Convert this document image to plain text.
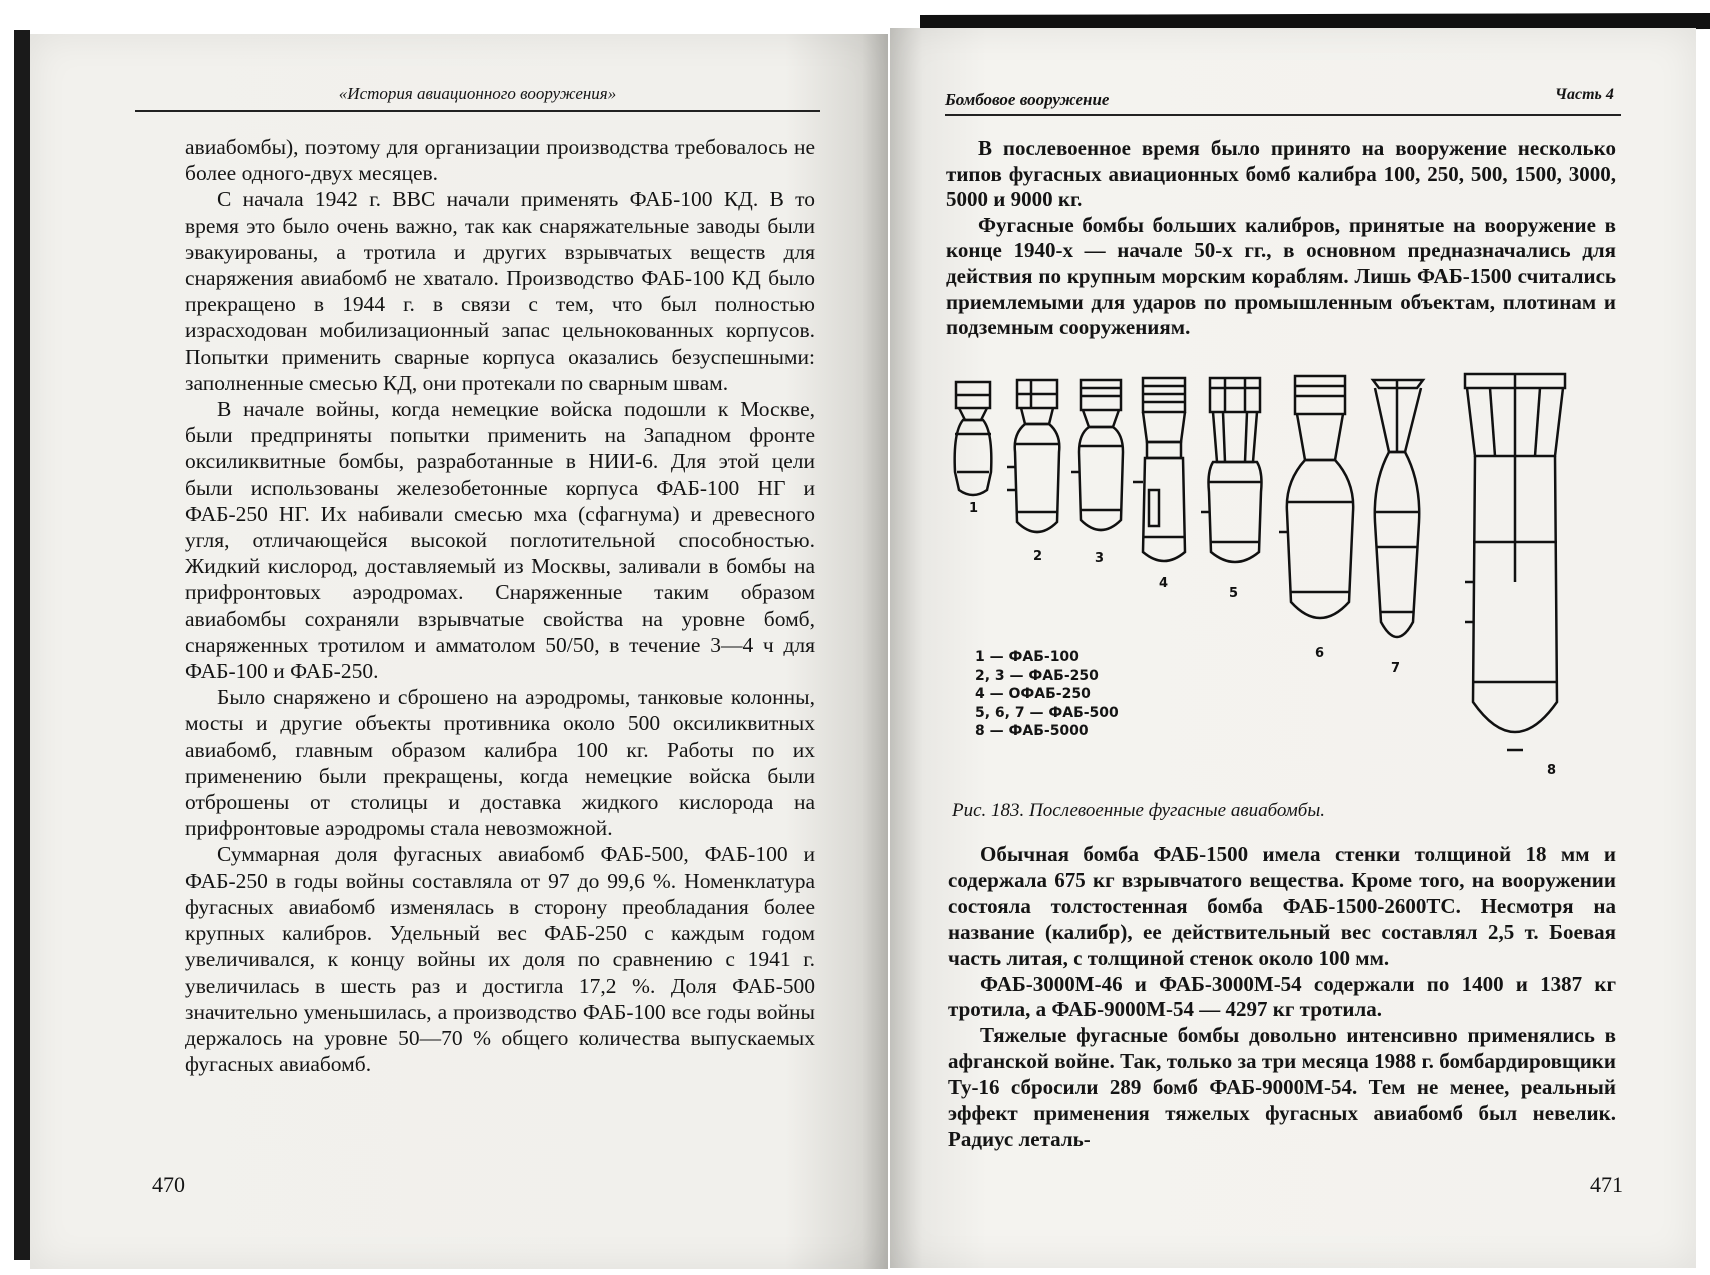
«История авиационного вооружения»

авиабомбы), поэтому для организации производства требовалось не более одного-двух месяцев.

С начала 1942 г. ВВС начали применять ФАБ-100 КД. В то время это было очень важно, так как снаряжательные заводы были эвакуированы, а тротила и других взрывчатых веществ для снаряжения авиабомб не хватало. Производство ФАБ-100 КД было прекращено в 1944 г. в связи с тем, что был полностью израсходован мобилизационный запас цельнокованных корпусов. Попытки применить сварные корпуса оказались безуспешными: заполненные смесью КД, они протекали по сварным швам.

В начале войны, когда немецкие войска подошли к Москве, были предприняты попытки применить на Западном фронте оксиликвитные бомбы, разработанные в НИИ-6. Для этой цели были использованы железобетонные корпуса ФАБ-100 НГ и ФАБ-250 НГ. Их набивали смесью мха (сфагнума) и древесного угля, отличающейся высокой поглотительной способностью. Жидкий кислород, доставляемый из Москвы, заливали в бомбы на прифронтовых аэродромах. Снаряженные таким образом авиабомбы сохраняли взрывчатые свойства на уровне бомб, снаряженных тротилом и амматолом 50/50, в течение 3—4 ч для ФАБ-100 и ФАБ-250.

Было снаряжено и сброшено на аэродромы, танковые колонны, мосты и другие объекты противника около 500 оксиликвитных авиабомб, главным образом калибра 100 кг. Работы по их применению были прекращены, когда немецкие войска были отброшены от столицы и доставка жидкого кислорода на прифронтовые аэродромы стала невозможной.

Суммарная доля фугасных авиабомб ФАБ-500, ФАБ-100 и ФАБ-250 в годы войны составляла от 97 до 99,6 %. Номенклатура фугасных авиабомб изменялась в сторону преобладания более крупных калибров. Удельный вес ФАБ-250 с каждым годом увеличивался, к концу войны их доля по сравнению с 1941 г. увеличилась в шесть раз и достигла 17,2 %. Доля ФАБ-500 значительно уменьшилась, а производство ФАБ-100 все годы войны держалось на уровне 50—70 % общего количества выпускаемых фугасных авиабомб.

470
Бомбовое вооружение	Часть 4

В послевоенное время было принято на вооружение несколько типов фугасных авиационных бомб калибра 100, 250, 500, 1500, 3000, 5000 и 9000 кг.

Фугасные бомбы больших калибров, принятые на вооружение в конце 1940-х — начале 50-х гг., в основном предназначались для действия по крупным морским кораблям. Лишь ФАБ-1500 считались приемлемыми для ударов по промышленным объектам, плотинам и подземным сооружениям.

1
2	3
4
5
6
7
8
1 — ФАБ-100
2, 3 — ФАБ-250
4 — ОФАБ-250
5, 6, 7 — ФАБ-500
8 — ФАБ-5000
Рис. 183. Послевоенные фугасные авиабомбы.

Обычная бомба ФАБ-1500 имела стенки толщиной 18 мм и содержала 675 кг взрывчатого вещества. Кроме того, на вооружении состояла толстостенная бомба ФАБ-1500-2600ТС. Несмотря на название (калибр), ее действительный вес составлял 2,5 т. Боевая часть литая, с толщиной стенок около 100 мм.

ФАБ-3000М-46 и ФАБ-3000М-54 содержали по 1400 и 1387 кг тротила, а ФАБ-9000М-54 — 4297 кг тротила.

Тяжелые фугасные бомбы довольно интенсивно применялись в афганской войне. Так, только за три месяца 1988 г. бомбардировщики Ту-16 сбросили 289 бомб ФАБ-9000М-54. Тем не менее, реальный эффект применения тяжелых фугасных авиабомб был невелик. Радиус леталь-

471
